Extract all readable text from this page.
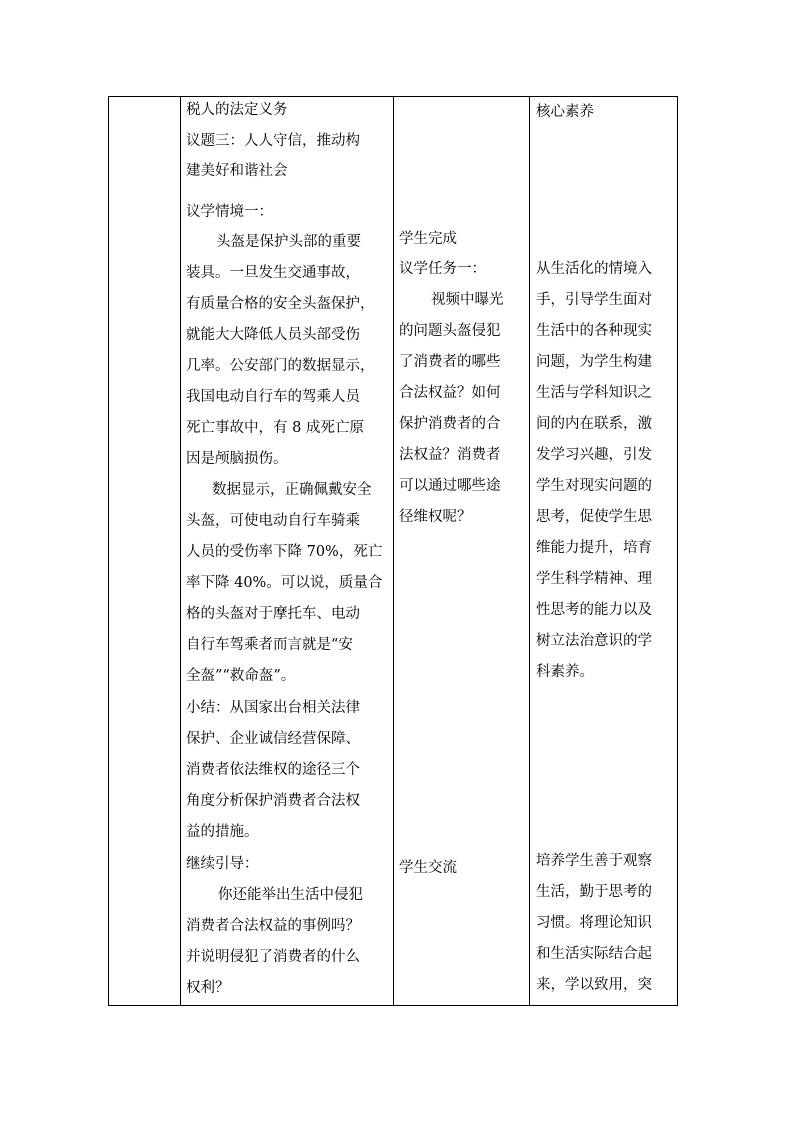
税人的法定义务
议题三：人人守信，推动构
建美好和谐社会
议学情境一：
头盔是保护头部的重要
装具。一旦发生交通事故，
有质量合格的安全头盔保护，
就能大大降低人员头部受伤
几率。公安部门的数据显示，
我国电动自行车的驾乘人员
死亡事故中，有 8 成死亡原
因是颅脑损伤。
数据显示，正确佩戴安全
头盔，可使电动自行车骑乘
人员的受伤率下降 70%，死亡
率下降 40%。可以说，质量合
格的头盔对于摩托车、电动
自行车驾乘者而言就是“安
全盔”“救命盔”。
小结：从国家出台相关法律
保护、企业诚信经营保障、
消费者依法维权的途径三个
角度分析保护消费者合法权
益的措施。
继续引导：
你还能举出生活中侵犯
消费者合法权益的事例吗？
并说明侵犯了消费者的什么
权利？
学生完成
议学任务一：
视频中曝光
的问题头盔侵犯
了消费者的哪些
合法权益？如何
保护消费者的合
法权益？消费者
可以通过哪些途
径维权呢？
学生交流
核心素养
从生活化的情境入
手，引导学生面对
生活中的各种现实
问题，为学生构建
生活与学科知识之
间的内在联系，激
发学习兴趣，引发
学生对现实问题的
思考，促使学生思
维能力提升，培育
学生科学精神、理
性思考的能力以及
树立法治意识的学
科素养。
培养学生善于观察
生活，勤于思考的
习惯。将理论知识
和生活实际结合起
来，学以致用，突
